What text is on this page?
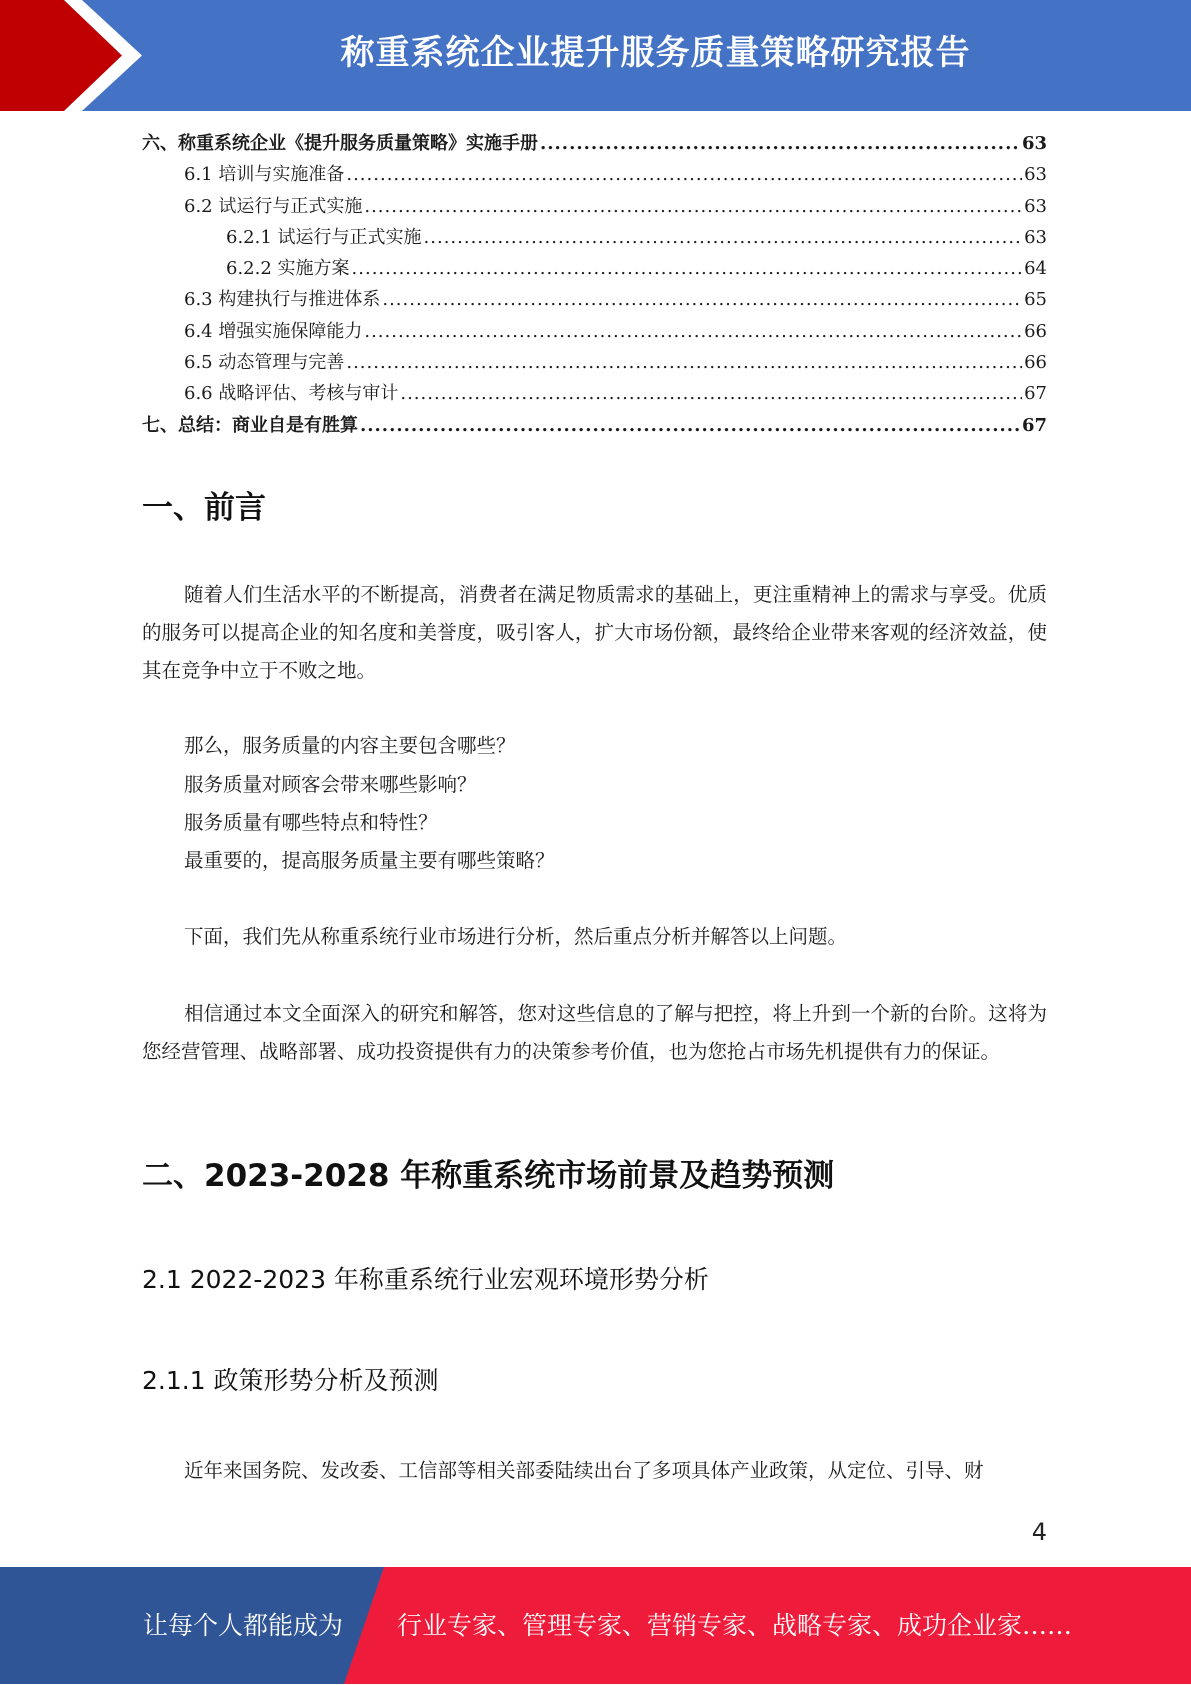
称重系统企业提升服务质量策略研究报告
六、称重系统企业《提升服务质量策略》实施手册 .....	63
6.1 培训与实施准备 .....	63
6.2 试运行与正式实施 .....	63
6.2.1 试运行与正式实施 .....	63
6.2.2 实施方案 .....	64
6.3 构建执行与推进体系 .....	65
6.4 增强实施保障能力 .....	66
6.5 动态管理与完善 .....	66
6.6 战略评估、考核与审计 .....	67
七、总结：商业自是有胜算 .....	67
一、前言
随着人们生活水平的不断提高，消费者在满足物质需求的基础上，更注重精神上的需求与享受。优质的服务可以提高企业的知名度和美誉度，吸引客人，扩大市场份额，最终给企业带来客观的经济效益，使其在竞争中立于不败之地。
那么，服务质量的内容主要包含哪些？
服务质量对顾客会带来哪些影响？
服务质量有哪些特点和特性？
最重要的，提高服务质量主要有哪些策略？
下面，我们先从称重系统行业市场进行分析，然后重点分析并解答以上问题。
相信通过本文全面深入的研究和解答，您对这些信息的了解与把控，将上升到一个新的台阶。这将为您经营管理、战略部署、成功投资提供有力的决策参考价值，也为您抢占市场先机提供有力的保证。
二、2023-2028 年称重系统市场前景及趋势预测
2.1 2022-2023 年称重系统行业宏观环境形势分析
2.1.1 政策形势分析及预测
近年来国务院、发改委、工信部等相关部委陆续出台了多项具体产业政策，从定位、引导、财
4
让每个人都能成为 行业专家、管理专家、营销专家、战略专家、成功企业家……
